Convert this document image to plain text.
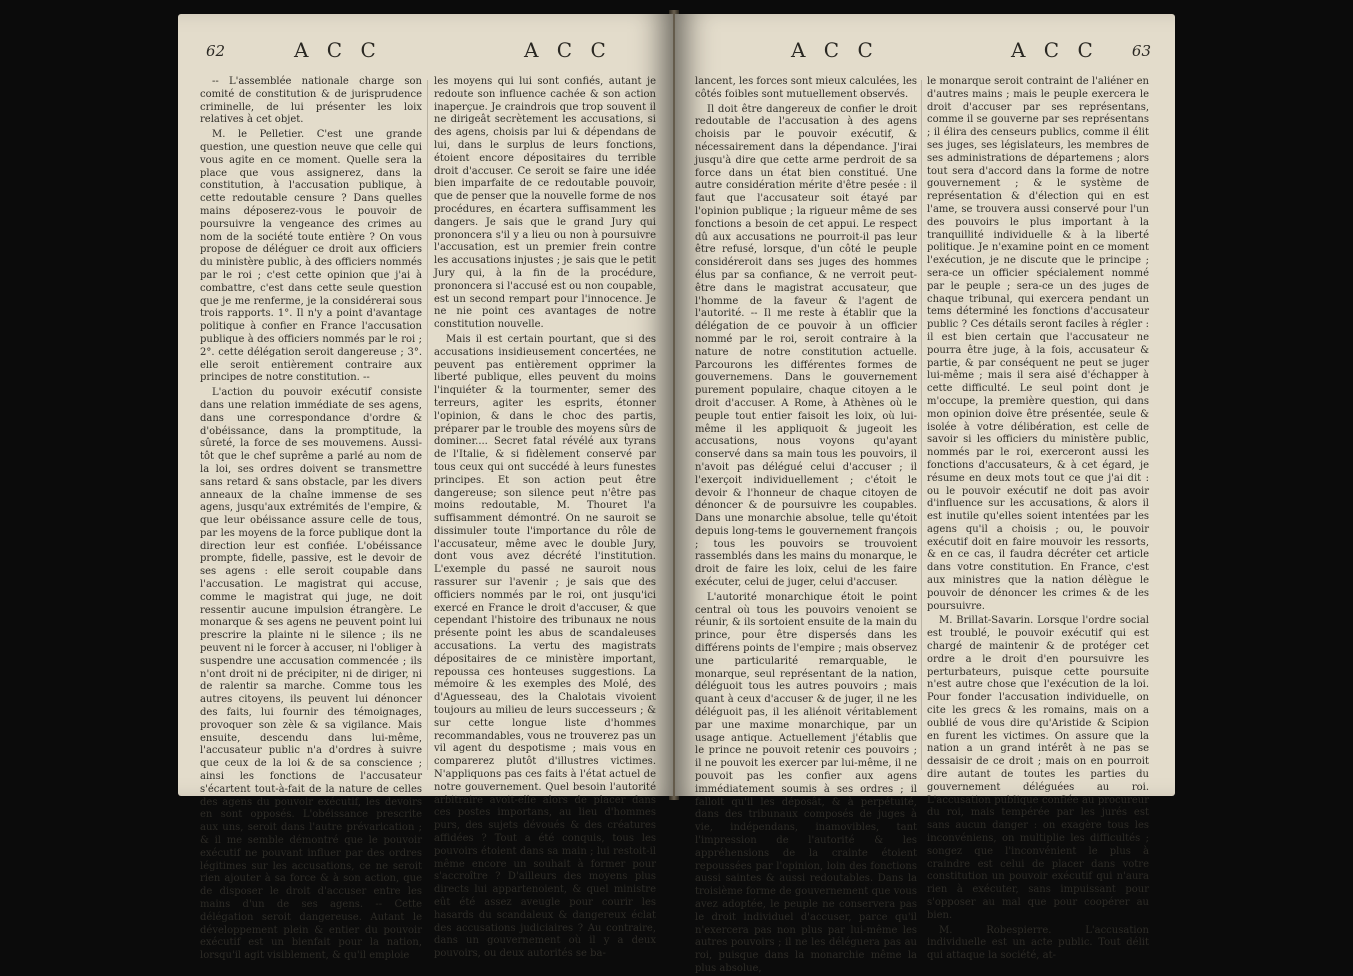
62	A C C	A C C

-- L'assemblée nationale charge son comité de constitution & de jurisprudence criminelle, de lui présenter les loix relatives à cet objet.

M. le Pelletier. C'est une grande question, une question neuve que celle qui vous agite en ce moment. Quelle sera la place que vous assignerez, dans la constitution, à l'accusation publique, à cette redoutable censure ? Dans quelles mains déposerez-vous le pouvoir de poursuivre la vengeance des crimes au nom de la société toute entière ? On vous propose de déléguer ce droit aux officiers du ministère public, à des officiers nommés par le roi ; c'est cette opinion que j'ai à combattre, c'est dans cette seule question que je me renferme, je la considérerai sous trois rapports. 1°. Il n'y a point d'avantage politique à confier en France l'accusation publique à des officiers nommés par le roi ; 2°. cette délégation seroit dangereuse ; 3°. elle seroit entièrement contraire aux principes de notre constitution. --

L'action du pouvoir exécutif consiste dans une relation immédiate de ses agens, dans une correspondance d'ordre & d'obéissance, dans la promptitude, la sûreté, la force de ses mouvemens. Aussi-tôt que le chef suprême a parlé au nom de la loi, ses ordres doivent se transmettre sans retard & sans obstacle, par les divers anneaux de la chaîne immense de ses agens, jusqu'aux extrémités de l'empire, & que leur obéissance assure celle de tous, par les moyens de la force publique dont la direction leur est confiée. L'obéissance prompte, fidelle, passive, est le devoir de ses agens : elle seroit coupable dans l'accusation. Le magistrat qui accuse, comme le magistrat qui juge, ne doit ressentir aucune impulsion étrangère. Le monarque & ses agens ne peuvent point lui prescrire la plainte ni le silence ; ils ne peuvent ni le forcer à accuser, ni l'obliger à suspendre une accusation commencée ; ils n'ont droit ni de précipiter, ni de diriger, ni de ralentir sa marche. Comme tous les autres citoyens, ils peuvent lui dénoncer des faits, lui fournir des témoignages, provoquer son zèle & sa vigilance. Mais ensuite, descendu dans lui-même, l'accusateur public n'a d'ordres à suivre que ceux de la loi & de sa conscience ; ainsi les fonctions de l'accusateur s'écartent tout-à-fait de la nature de celles des agens du pouvoir exécutif, les devoirs en sont opposés. L'obéissance prescrite aux uns, seroit dans l'autre prévarication ; & il me semble démontré que le pouvoir exécutif ne pouvant influer par des ordres légitimes sur les accusations, ce ne seroit rien ajouter à sa force & à son action, que de disposer le droit d'accuser entre les mains d'un de ses agens. -- Cette délégation seroit dangereuse. Autant le développement plein & entier du pouvoir exécutif est un bienfait pour la nation, lorsqu'il agit visiblement, & qu'il emploie

les moyens qui lui sont confiés, autant je redoute son influence cachée & son action inaperçue. Je craindrois que trop souvent il ne dirigeât secrètement les accusations, si des agens, choisis par lui & dépendans de lui, dans le surplus de leurs fonctions, étoient encore dépositaires du terrible droit d'accuser. Ce seroit se faire une idée bien imparfaite de ce redoutable pouvoir, que de penser que la nouvelle forme de nos procédures, en écartera suffisamment les dangers. Je sais que le grand Jury qui prononcera s'il y a lieu ou non à poursuivre l'accusation, est un premier frein contre les accusations injustes ; je sais que le petit Jury qui, à la fin de la procédure, prononcera si l'accusé est ou non coupable, est un second rempart pour l'innocence. Je ne nie point ces avantages de notre constitution nouvelle.

Mais il est certain pourtant, que si des accusations insidieusement concertées, ne peuvent pas entièrement opprimer la liberté publique, elles peuvent du moins l'inquiéter & la tourmenter, semer des terreurs, agiter les esprits, étonner l'opinion, & dans le choc des partis, préparer par le trouble des moyens sûrs de dominer.... Secret fatal révélé aux tyrans de l'Italie, & si fidèlement conservé par tous ceux qui ont succédé à leurs funestes principes. Et son action peut être dangereuse; son silence peut n'être pas moins redoutable, M. Thouret l'a suffisamment démontré. On ne sauroit se dissimuler toute l'importance du rôle de l'accusateur, même avec le double Jury, dont vous avez décrété l'institution. L'exemple du passé ne sauroit nous rassurer sur l'avenir ; je sais que des officiers nommés par le roi, ont jusqu'ici exercé en France le droit d'accuser, & que cependant l'histoire des tribunaux ne nous présente point les abus de scandaleuses accusations. La vertu des magistrats dépositaires de ce ministère important, repoussa ces honteuses suggestions. La mémoire & les exemples des Molé, des d'Aguesseau, des la Chalotais vivoient toujours au milieu de leurs successeurs ; & sur cette longue liste d'hommes recommandables, vous ne trouverez pas un vil agent du despotisme ; mais vous en comparerez plutôt d'illustres victimes. N'appliquons pas ces faits à l'état actuel de notre gouvernement. Quel besoin l'autorité arbitraire avoit-elle alors de placer dans ces postes importans, au lieu d'hommes purs, des sujets dévoués & des créatures affidées ? Tout a été conquis, tous les pouvoirs étoient dans sa main ; lui restoit-il même encore un souhait à former pour s'accroître ? D'ailleurs des moyens plus directs lui appartenoient, & quel ministre eût été assez aveugle pour courir les hasards du scandaleux & dangereux éclat des accusations judiciaires ? Au contraire, dans un gouvernement où il y a deux pouvoirs, ou deux autorités se ba-

A C C	A C C 63

lancent, les forces sont mieux calculées, les côtés foibles sont mutuellement observés.

Il doit être dangereux de confier le droit redoutable de l'accusation à des agens choisis par le pouvoir exécutif, & nécessairement dans la dépendance. J'irai jusqu'à dire que cette arme perdroit de sa force dans un état bien constitué. Une autre considération mérite d'être pesée : il faut que l'accusateur soit étayé par l'opinion publique ; la rigueur même de ses fonctions a besoin de cet appui. Le respect dû aux accusations ne pourroit-il pas leur être refusé, lorsque, d'un côté le peuple considéreroit dans ses juges des hommes élus par sa confiance, & ne verroit peut-être dans le magistrat accusateur, que l'homme de la faveur & l'agent de l'autorité. -- Il me reste à établir que la délégation de ce pouvoir à un officier nommé par le roi, seroit contraire à la nature de notre constitution actuelle. Parcourons les différentes formes de gouvernemens. Dans le gouvernement purement populaire, chaque citoyen a le droit d'accuser. A Rome, à Athènes où le peuple tout entier faisoit les loix, où lui-même il les appliquoit & jugeoit les accusations, nous voyons qu'ayant conservé dans sa main tous les pouvoirs, il n'avoit pas délégué celui d'accuser ; il l'exerçoit individuellement ; c'étoit le devoir & l'honneur de chaque citoyen de dénoncer & de poursuivre les coupables. Dans une monarchie absolue, telle qu'étoit depuis long-tems le gouvernement françois ; tous les pouvoirs se trouvoient rassemblés dans les mains du monarque, le droit de faire les loix, celui de les faire exécuter, celui de juger, celui d'accuser.

L'autorité monarchique étoit le point central où tous les pouvoirs venoient se réunir, & ils sortoient ensuite de la main du prince, pour être dispersés dans les différens points de l'empire ; mais observez une particularité remarquable, le monarque, seul représentant de la nation, déléguoit tous les autres pouvoirs ; mais quant à ceux d'accuser & de juger, il ne les déléguoit pas, il les aliénoit véritablement par une maxime monarchique, par un usage antique. Actuellement j'établis que le prince ne pouvoit retenir ces pouvoirs ; il ne pouvoit les exercer par lui-même, il ne pouvoit pas les confier aux agens immédiatement soumis à ses ordres ; il falloit qu'il les déposât, & à perpétuité, dans des tribunaux composés de juges à vie, indépendans, inamovibles, tant l'impression de l'autorité & les appréhensions de la crainte étoient repoussées par l'opinion, loin des fonctions aussi saintes & aussi redoutables. Dans la troisième forme de gouvernement que vous avez adoptée, le peuple ne conservera pas le droit individuel d'accuser, parce qu'il n'exercera pas non plus par lui-même les autres pouvoirs ; il ne les déléguera pas au roi, puisque dans la monarchie même la plus absolue,

le monarque seroit contraint de l'aliéner en d'autres mains ; mais le peuple exercera le droit d'accuser par ses représentans, comme il se gouverne par ses représentans ; il élira des censeurs publics, comme il élit ses juges, ses législateurs, les membres de ses administrations de départemens ; alors tout sera d'accord dans la forme de notre gouvernement ; & le système de représentation & d'élection qui en est l'ame, se trouvera aussi conservé pour l'un des pouvoirs le plus important à la tranquillité individuelle & à la liberté politique. Je n'examine point en ce moment l'exécution, je ne discute que le principe ; sera-ce un officier spécialement nommé par le peuple ; sera-ce un des juges de chaque tribunal, qui exercera pendant un tems déterminé les fonctions d'accusateur public ? Ces détails seront faciles à régler : il est bien certain que l'accusateur ne pourra être juge, à la fois, accusateur & partie, & par conséquent ne peut se juger lui-même ; mais il sera aisé d'échapper à cette difficulté. Le seul point dont je m'occupe, la première question, qui dans mon opinion doive être présentée, seule & isolée à votre délibération, est celle de savoir si les officiers du ministère public, nommés par le roi, exerceront aussi les fonctions d'accusateurs, & à cet égard, je résume en deux mots tout ce que j'ai dit : ou le pouvoir exécutif ne doit pas avoir d'influence sur les accusations, & alors il est inutile qu'elles soient intentées par les agens qu'il a choisis ; ou, le pouvoir exécutif doit en faire mouvoir les ressorts, & en ce cas, il faudra décréter cet article dans votre constitution. En France, c'est aux ministres que la nation délègue le pouvoir de dénoncer les crimes & de les poursuivre.

M. Brillat-Savarin. Lorsque l'ordre social est troublé, le pouvoir exécutif qui est chargé de maintenir & de protéger cet ordre a le droit d'en poursuivre les perturbateurs, puisque cette poursuite n'est autre chose que l'exécution de la loi. Pour fonder l'accusation individuelle, on cite les grecs & les romains, mais on a oublié de vous dire qu'Aristide & Scipion en furent les victimes. On assure que la nation a un grand intérêt à ne pas se dessaisir de ce droit ; mais on en pourroit dire autant de toutes les parties du gouvernement déléguées au roi. L'accusation publique confiée au procureur du roi, mais tempérée par les jurés est sans aucun danger : on exagère tous les inconvéniens, on multiplie les difficultés ; songez que l'inconvénient le plus à craindre est celui de placer dans votre constitution un pouvoir exécutif qui n'aura rien à exécuter, sans impuissant pour s'opposer au mal que pour coopérer au bien.

M. Robespierre. L'accusation individuelle est un acte public. Tout délit qui attaque la société, at-
